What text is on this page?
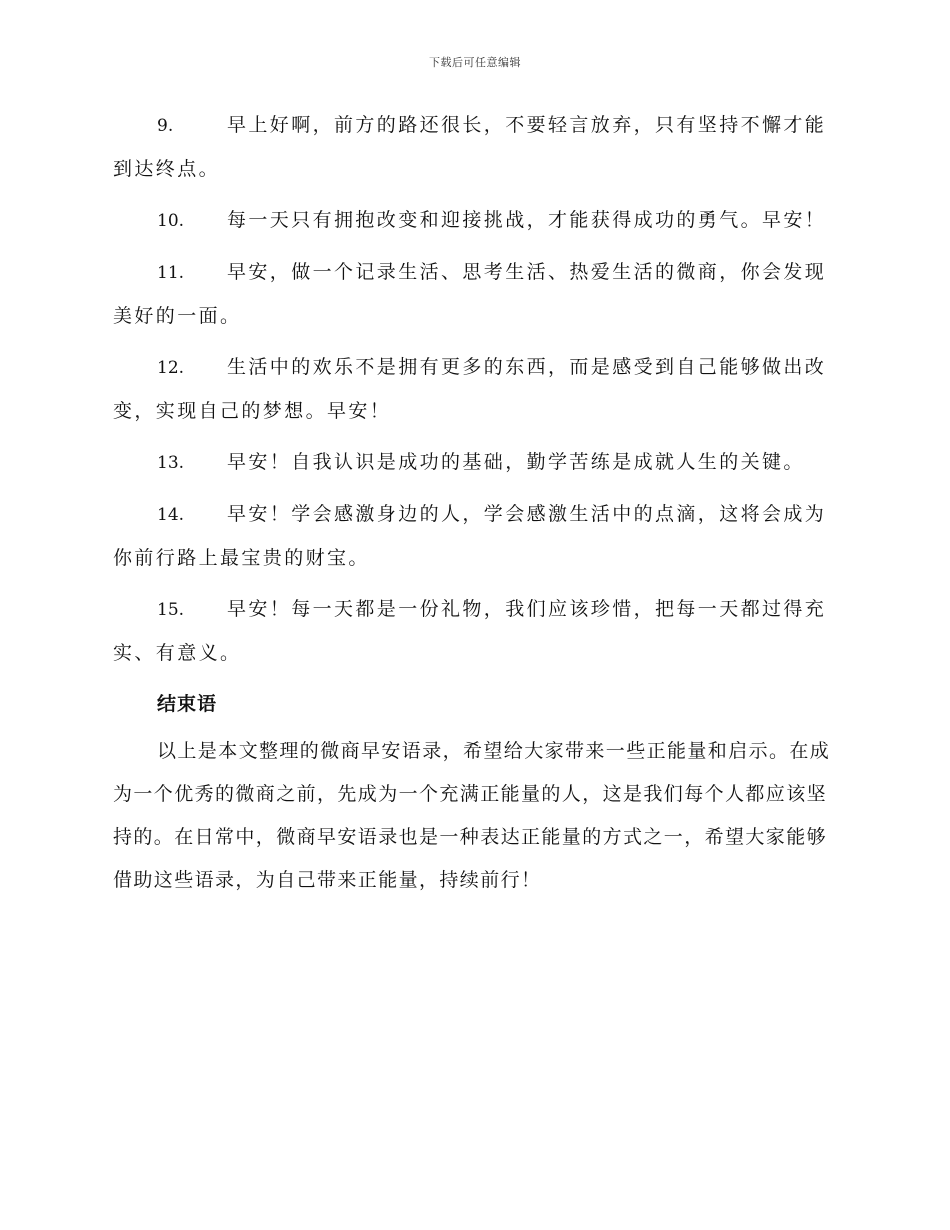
下载后可任意编辑

9.	早上好啊，前方的路还很长，不要轻言放弃，只有坚持不懈才能到达终点。

10. 每一天只有拥抱改变和迎接挑战，才能获得成功的勇气。早安！

11. 早安，做一个记录生活、思考生活、热爱生活的微商，你会发现美好的一面。

12. 生活中的欢乐不是拥有更多的东西，而是感受到自己能够做出改变，实现自己的梦想。早安！

13. 早安！自我认识是成功的基础，勤学苦练是成就人生的关键。

14. 早安！学会感激身边的人，学会感激生活中的点滴，这将会成为你前行路上最宝贵的财宝。

15. 早安！每一天都是一份礼物，我们应该珍惜，把每一天都过得充实、有意义。

结束语

以上是本文整理的微商早安语录，希望给大家带来一些正能量和启示。在成为一个优秀的微商之前，先成为一个充满正能量的人，这是我们每个人都应该坚持的。在日常中，微商早安语录也是一种表达正能量的方式之一，希望大家能够借助这些语录，为自己带来正能量，持续前行！
